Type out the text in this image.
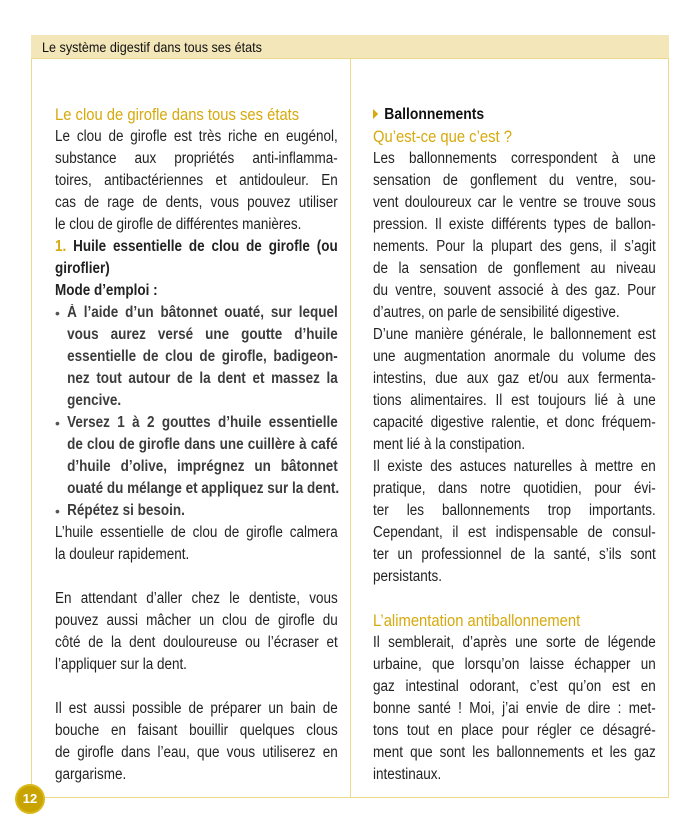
Le système digestif dans tous ses états
Le clou de girofle dans tous ses états
Le clou de girofle est très riche en eugénol,
substance aux propriétés anti-inflamma-
toires, antibactériennes et antidouleur. En
cas de rage de dents, vous pouvez utiliser
le clou de girofle de différentes manières.
1. Huile essentielle de clou de girofle (ou
giroflier)
Mode d’emploi :
• À l’aide d’un bâtonnet ouaté, sur lequel
vous aurez versé une goutte d’huile
essentielle de clou de girofle, badigeon-
nez tout autour de la dent et massez la
gencive.
• Versez 1 à 2 gouttes d’huile essentielle
de clou de girofle dans une cuillère à café
d’huile d’olive, imprégnez un bâtonnet
ouaté du mélange et appliquez sur la dent.
• Répétez si besoin.
L’huile essentielle de clou de girofle calmera
la douleur rapidement.
En attendant d’aller chez le dentiste, vous
pouvez aussi mâcher un clou de girofle du
côté de la dent douloureuse ou l’écraser et
l’appliquer sur la dent.
Il est aussi possible de préparer un bain de
bouche en faisant bouillir quelques clous
de girofle dans l’eau, que vous utiliserez en
gargarisme.
Ballonnements
Qu’est-ce que c’est ?
Les ballonnements correspondent à une
sensation de gonflement du ventre, sou-
vent douloureux car le ventre se trouve sous
pression. Il existe différents types de ballon-
nements. Pour la plupart des gens, il s’agit
de la sensation de gonflement au niveau
du ventre, souvent associé à des gaz. Pour
d’autres, on parle de sensibilité digestive.
D’une manière générale, le ballonnement est
une augmentation anormale du volume des
intestins, due aux gaz et/ou aux fermenta-
tions alimentaires. Il est toujours lié à une
capacité digestive ralentie, et donc fréquem-
ment lié à la constipation.
Il existe des astuces naturelles à mettre en
pratique, dans notre quotidien, pour évi-
ter les ballonnements trop importants.
Cependant, il est indispensable de consul-
ter un professionnel de la santé, s’ils sont
persistants.
L’alimentation antiballonnement
Il semblerait, d’après une sorte de légende
urbaine, que lorsqu’on laisse échapper un
gaz intestinal odorant, c’est qu’on est en
bonne santé ! Moi, j’ai envie de dire : met-
tons tout en place pour régler ce désagré-
ment que sont les ballonnements et les gaz
intestinaux.
12
